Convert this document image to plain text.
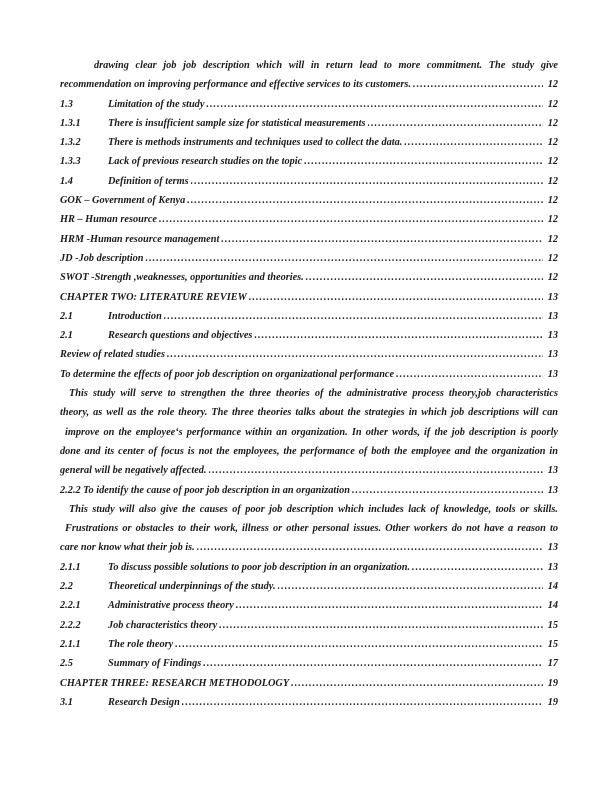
drawing clear job job description which will in return lead to more commitment. The study give
recommendation on improving performance and effective services to its customers. .....	12
1.3	Limitation of the study .....	12
1.3.1	There is insufficient sample size for statistical measurements .....	12
1.3.2	There is methods instruments and techniques used to collect the data. .....	12
1.3.3	Lack of previous research studies on the topic .....	12
1.4	Definition of terms .....	12
GOK – Government of Kenya .....	12
HR – Human resource .....	12
HRM -Human resource management .....	12
JD -Job description .....	12
SWOT -Strength ,weaknesses, opportunities and theories. .....	12
CHAPTER TWO: LITERATURE REVIEW .....	13
2.1	Introduction .....	13
2.1	Research questions and objectives .....	13
Review of related studies .....	13
To determine the effects of poor job description on organizational performance .....	13
This study will serve to strengthen the three theories of the administrative process theory,job characteristics
theory, as well as the role theory. The three theories talks about the strategies in which job descriptions will can
improve on the employee‘s performance within an organization. In other words, if the job description is poorly
done and its center of focus is not the employees, the performance of both the employee and the organization in
general will be negatively affected. .....	13
2.2.2 To identify the cause of poor job description in an organization .....	13
This study will also give the causes of poor job description which includes lack of knowledge, tools or skills.
Frustrations or obstacles to their work, illness or other personal issues. Other workers do not have a reason to
care nor know what their job is. .....	13
2.1.1	To discuss possible solutions to poor job description in an organization. .....	13
2.2	Theoretical underpinnings of the study. .....	14
2.2.1	Administrative process theory .....	14
2.2.2	Job characteristics theory .....	15
2.1.1	The role theory .....	15
2.5	Summary of Findings .....	17
CHAPTER THREE: RESEARCH METHODOLOGY .....	19
3.1	Research Design .....	19
